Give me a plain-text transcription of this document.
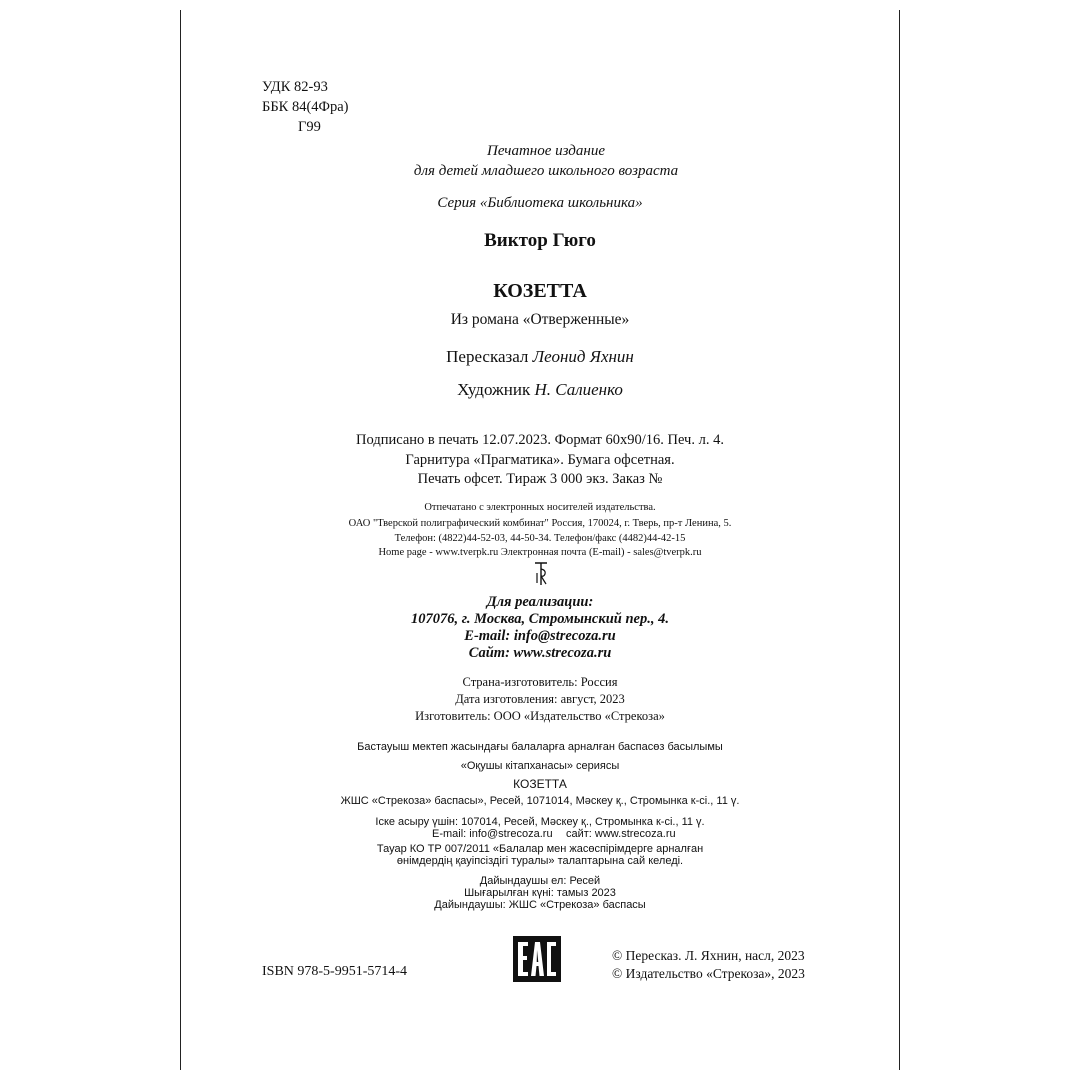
УДК 82-93
ББК 84(4Фра)
Г99
Печатное издание
для детей младшего школьного возраста
Серия «Библиотека школьника»
Виктор Гюго
КОЗЕТТА
Из романа «Отверженные»
Пересказал Леонид Яхнин
Художник Н. Салиенко
Подписано в печать 12.07.2023. Формат 60х90/16. Печ. л. 4.
Гарнитура «Прагматика». Бумага офсетная.
Печать офсет. Тираж 3 000 экз. Заказ №
Отпечатано с электронных носителей издательства.
ОАО "Тверской полиграфический комбинат" Россия, 170024, г. Тверь, пр-т Ленина, 5.
Телефон: (4822)44-52-03, 44-50-34. Телефон/факс (4482)44-42-15
Home page - www.tverpk.ru Электронная почта (E-mail) - sales@tverpk.ru
Для реализации:
107076, г. Москва, Стромынский пер., 4.
E-mail: info@strecoza.ru
Сайт: www.strecoza.ru
Страна-изготовитель: Россия
Дата изготовления: август, 2023
Изготовитель: ООО «Издательство «Стрекоза»
Бастауыш мектеп жасындағы балаларға арналған баспасөз басылымы
«Оқушы кітапханасы» сериясы
КОЗЕТТА
ЖШС «Стрекоза» баспасы», Ресей, 1071014, Мәскеу қ., Стромынка к-сі., 11 ү.
Іске асыру үшін: 107014, Ресей, Мәскеу қ., Стромынка к-сі., 11 ү.
E-mail: info@strecoza.ru сайт: www.strecoza.ru
Тауар КО ТР 007/2011 «Балалар мен жасөспірімдерге арналған
өнімдердің қауіпсіздігі туралы» талаптарына сай келеді.
Дайындаушы ел: Ресей
Шығарылған күні: тамыз 2023
Дайындаушы: ЖШС «Стрекоза» баспасы
ISBN 978-5-9951-5714-4
© Пересказ. Л. Яхнин, насл, 2023
© Издательство «Стрекоза», 2023
